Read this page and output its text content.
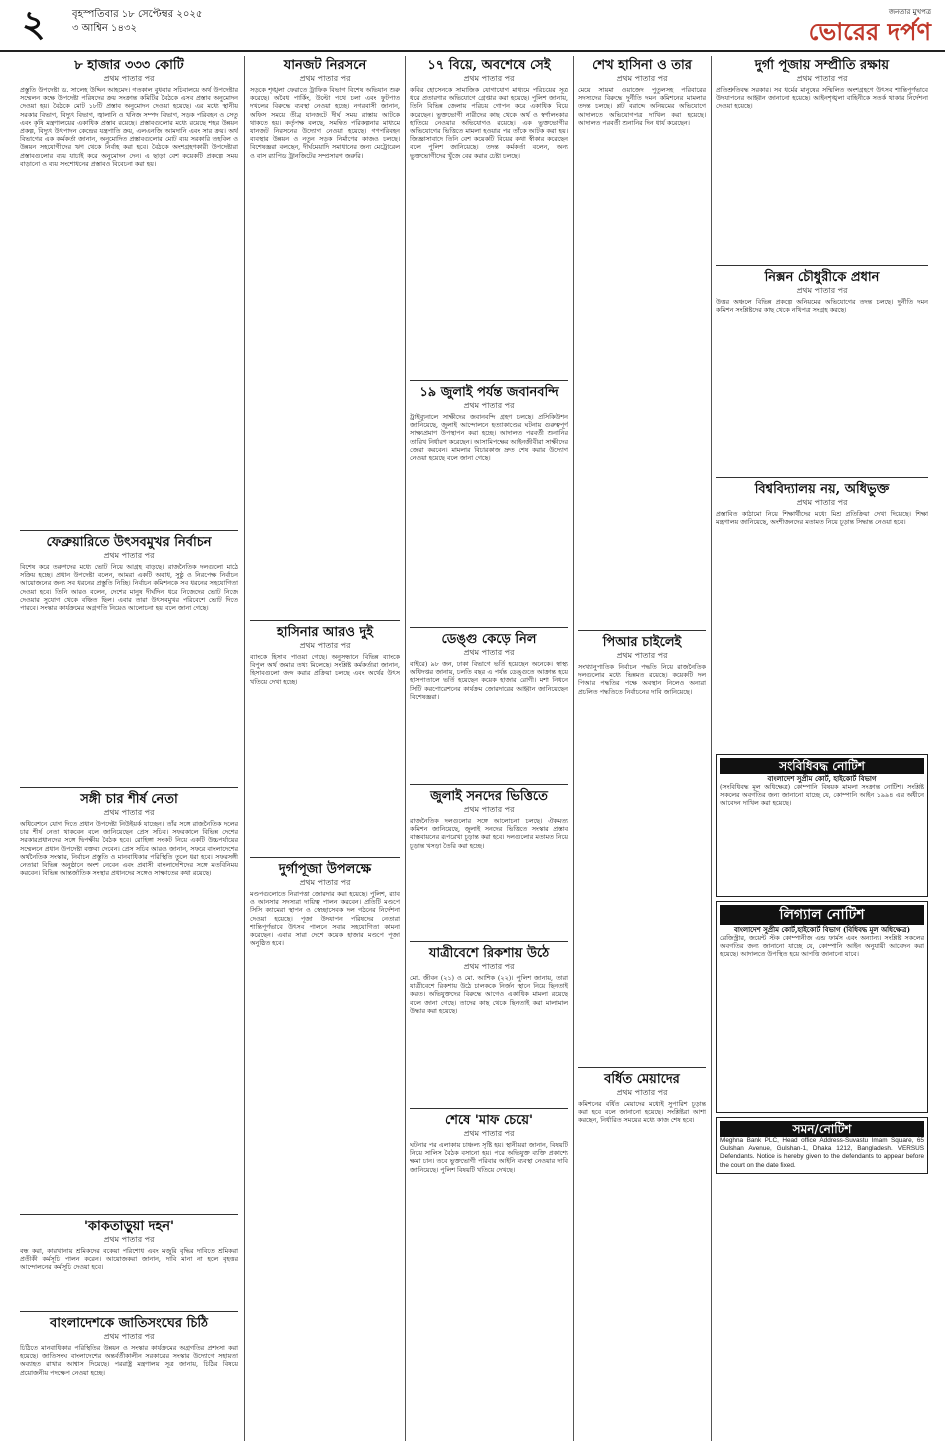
২	বৃহস্পতিবার ১৮ সেপ্টেম্বর ২০২৫
৩ আশ্বিন ১৪৩২
জনতার মুখপত্র
ভোরের দর্পণ
৮ হাজার ৩৩৩ কোটি
প্রথম পাতার পর

প্রস্তুতি উপদেষ্টা ড. সালেহ উদ্দিন আহমেদ। গতকাল বুধবার সচিবালয়ে অর্থ উপদেষ্টার সম্মেলন কক্ষে উপদেষ্টা পরিষদের ক্রয় সংক্রান্ত কমিটির বৈঠকে এসব প্রস্তাব অনুমোদন দেওয়া হয়। বৈঠকে মোট ১৮টি প্রস্তাব অনুমোদন দেওয়া হয়েছে। এর মধ্যে স্থানীয় সরকার বিভাগ, বিদ্যুৎ বিভাগ, জ্বালানি ও খনিজ সম্পদ বিভাগ, সড়ক পরিবহন ও সেতু এবং কৃষি মন্ত্রণালয়ের একাধিক প্রস্তাব রয়েছে। প্রস্তাবগুলোর মধ্যে রয়েছে শহর উন্নয়ন প্রকল্প, বিদ্যুৎ উৎপাদন কেন্দ্রের যন্ত্রপাতি ক্রয়, এলএনজি আমদানি এবং সার ক্রয়। অর্থ বিভাগের এক কর্মকর্তা জানান, অনুমোদিত প্রস্তাবগুলোর মোট ব্যয় সরকারি তহবিল ও উন্নয়ন সহযোগীদের ঋণ থেকে নির্বাহ করা হবে। বৈঠকে অংশগ্রহণকারী উপদেষ্টারা প্রস্তাবগুলোর ব্যয় যাচাই করে অনুমোদন দেন। এ ছাড়া বেশ কয়েকটি প্রকল্পে সময় বাড়ানো ও ব্যয় সংশোধনের প্রস্তাবও বিবেচনা করা হয়।

ফেব্রুয়ারিতে উৎসবমুখর নির্বাচন
প্রথম পাতার পর

বিশেষ করে তরুণদের মধ্যে ভোট নিয়ে আগ্রহ বাড়ছে। রাজনৈতিক দলগুলো মাঠে সক্রিয় হচ্ছে। প্রধান উপদেষ্টা বলেন, আমরা একটি অবাধ, সুষ্ঠু ও নিরপেক্ষ নির্বাচন আয়োজনের জন্য সব ধরনের প্রস্তুতি নিচ্ছি। নির্বাচন কমিশনকে সব ধরনের সহযোগিতা দেওয়া হবে। তিনি আরও বলেন, দেশের মানুষ দীর্ঘদিন ধরে নিজেদের ভোট নিজে দেওয়ার সুযোগ থেকে বঞ্চিত ছিল। এবার তারা উৎসবমুখর পরিবেশে ভোট দিতে পারবে। সংস্কার কার্যক্রমের অগ্রগতি নিয়েও আলোচনা হয় বলে জানা গেছে।

সঙ্গী চার শীর্ষ নেতা
প্রথম পাতার পর

অধিবেশনে যোগ দিতে প্রধান উপদেষ্টা নিউইয়র্ক যাচ্ছেন। তাঁর সঙ্গে রাজনৈতিক দলের চার শীর্ষ নেতা থাকবেন বলে জানিয়েছেন প্রেস সচিব। সফরকালে বিভিন্ন দেশের সরকারপ্রধানদের সঙ্গে দ্বিপক্ষীয় বৈঠক হবে। রোহিঙ্গা সংকট নিয়ে একটি উচ্চপর্যায়ের সম্মেলনে প্রধান উপদেষ্টা বক্তব্য দেবেন। প্রেস সচিব আরও জানান, সফরে বাংলাদেশের অর্থনৈতিক সংস্কার, নির্বাচন প্রস্তুতি ও মানবাধিকার পরিস্থিতি তুলে ধরা হবে। সফরসঙ্গী নেতারা বিভিন্ন অনুষ্ঠানে অংশ নেবেন এবং প্রবাসী বাংলাদেশিদের সঙ্গে মতবিনিময় করবেন। বিভিন্ন আন্তর্জাতিক সংস্থার প্রধানদের সঙ্গেও সাক্ষাতের কথা রয়েছে।

'কাকতাড়ুয়া দহন'
প্রথম পাতার পর

বন্ধ করা, কারখানায় শ্রমিকদের বকেয়া পরিশোধ এবং মজুরি বৃদ্ধির দাবিতে শ্রমিকরা প্রতীকী কর্মসূচি পালন করেন। আয়োজকরা জানান, দাবি মানা না হলে বৃহত্তর আন্দোলনের কর্মসূচি দেওয়া হবে।

বাংলাদেশকে জাতিসংঘের চিঠি
প্রথম পাতার পর

চিঠিতে মানবাধিকার পরিস্থিতির উন্নয়ন ও সংস্কার কার্যক্রমের অগ্রগতির প্রশংসা করা হয়েছে। জাতিসংঘ বাংলাদেশের অন্তর্বর্তীকালীন সরকারের সংস্কার উদ্যোগে সহায়তা অব্যাহত রাখার আশ্বাস দিয়েছে। পররাষ্ট্র মন্ত্রণালয় সূত্র জানায়, চিঠির বিষয়ে প্রয়োজনীয় পদক্ষেপ নেওয়া হচ্ছে।

যানজট নিরসনে
প্রথম পাতার পর

সড়কে শৃঙ্খলা ফেরাতে ট্রাফিক বিভাগ বিশেষ অভিযান শুরু করেছে। অবৈধ পার্কিং, উল্টো পথে চলা এবং ফুটপাত দখলের বিরুদ্ধে ব্যবস্থা নেওয়া হচ্ছে। নগরবাসী জানান, অফিস সময়ে তীব্র যানজটে দীর্ঘ সময় রাস্তায় আটকে থাকতে হয়। কর্তৃপক্ষ বলছে, সমন্বিত পরিকল্পনার মাধ্যমে যানজট নিরসনের উদ্যোগ নেওয়া হয়েছে। গণপরিবহন ব্যবস্থার উন্নয়ন ও নতুন সড়ক নির্মাণের কাজও চলছে। বিশেষজ্ঞরা বলছেন, দীর্ঘমেয়াদি সমাধানের জন্য মেট্রোরেল ও বাস র‍্যাপিড ট্রানজিটের সম্প্রসারণ জরুরি।

হাসিনার আরও দুই
প্রথম পাতার পর

ব্যাংকে হিসাব পাওয়া গেছে। অনুসন্ধানে বিভিন্ন ব্যাংকে বিপুল অর্থ জমার তথ্য মিলেছে। সংশ্লিষ্ট কর্মকর্তারা জানান, হিসাবগুলো জব্দ করার প্রক্রিয়া চলছে এবং অর্থের উৎস খতিয়ে দেখা হচ্ছে।

দুর্গাপূজা উপলক্ষে
প্রথম পাতার পর

মণ্ডপগুলোতে নিরাপত্তা জোরদার করা হয়েছে। পুলিশ, র‍্যাব ও আনসার সদস্যরা দায়িত্ব পালন করবেন। প্রতিটি মণ্ডপে সিসি ক্যামেরা স্থাপন ও স্বেচ্ছাসেবক দল গঠনের নির্দেশনা দেওয়া হয়েছে। পূজা উদযাপন পরিষদের নেতারা শান্তিপূর্ণভাবে উৎসব পালনে সবার সহযোগিতা কামনা করেছেন। এবার সারা দেশে কয়েক হাজার মণ্ডপে পূজা অনুষ্ঠিত হবে।

১৭ বিয়ে, অবশেষে সেই
প্রথম পাতার পর

কবির হোসেনকে সামাজিক যোগাযোগ মাধ্যমে পরিচয়ের সূত্র ধরে প্রতারণার অভিযোগে গ্রেপ্তার করা হয়েছে। পুলিশ জানায়, তিনি বিভিন্ন জেলায় পরিচয় গোপন করে একাধিক বিয়ে করেছেন। ভুক্তভোগী নারীদের কাছ থেকে অর্থ ও স্বর্ণালংকার হাতিয়ে নেওয়ার অভিযোগও রয়েছে। এক ভুক্তভোগীর অভিযোগের ভিত্তিতে মামলা হওয়ার পর তাঁকে আটক করা হয়। জিজ্ঞাসাবাদে তিনি বেশ কয়েকটি বিয়ের কথা স্বীকার করেছেন বলে পুলিশ জানিয়েছে। তদন্ত কর্মকর্তা বলেন, অন্য ভুক্তভোগীদের খুঁজে বের করার চেষ্টা চলছে।

১৯ জুলাই পর্যন্ত জবানবন্দি
প্রথম পাতার পর

ট্রাইব্যুনালে সাক্ষীদের জবানবন্দি গ্রহণ চলছে। প্রসিকিউশন জানিয়েছে, জুলাই আন্দোলনে হত্যাকাণ্ডের ঘটনায় গুরুত্বপূর্ণ সাক্ষ্যপ্রমাণ উপস্থাপন করা হচ্ছে। আদালত পরবর্তী শুনানির তারিখ নির্ধারণ করেছেন। আসামিপক্ষের আইনজীবীরা সাক্ষীদের জেরা করবেন। মামলার বিচারকাজ দ্রুত শেষ করার উদ্যোগ নেওয়া হয়েছে বলে জানা গেছে।

ডেঙ্গু কেড়ে নিল
প্রথম পাতার পর

বাইরে) ৯৮ জন, ঢাকা বিভাগে ভর্তি হয়েছেন অনেকে। স্বাস্থ্য অধিদপ্তর জানায়, চলতি বছর এ পর্যন্ত ডেঙ্গুতে আক্রান্ত হয়ে হাসপাতালে ভর্তি হয়েছেন কয়েক হাজার রোগী। মশা নিধনে সিটি করপোরেশনের কার্যক্রম জোরদারের আহ্বান জানিয়েছেন বিশেষজ্ঞরা।

জুলাই সনদের ভিত্তিতে
প্রথম পাতার পর

রাজনৈতিক দলগুলোর সঙ্গে আলোচনা চলছে। ঐকমত্য কমিশন জানিয়েছে, জুলাই সনদের ভিত্তিতে সংস্কার প্রস্তাব বাস্তবায়নের রূপরেখা চূড়ান্ত করা হবে। দলগুলোর মতামত নিয়ে চূড়ান্ত খসড়া তৈরি করা হচ্ছে।

যাত্রীবেশে রিকশায় উঠে
প্রথম পাতার পর

মো. জীবন (২১) ও মো. আশিক (২২)। পুলিশ জানায়, তারা যাত্রীবেশে রিকশায় উঠে চালককে নির্জন স্থানে নিয়ে ছিনতাই করত। অভিযুক্তদের বিরুদ্ধে আগেও একাধিক মামলা রয়েছে বলে জানা গেছে। তাদের কাছ থেকে ছিনতাই করা মালামাল উদ্ধার করা হয়েছে।

শেষে 'মাফ চেয়ে'
প্রথম পাতার পর

ঘটনার পর এলাকায় চাঞ্চল্য সৃষ্টি হয়। স্থানীয়রা জানান, বিষয়টি নিয়ে সালিস বৈঠক বসানো হয়। পরে অভিযুক্ত ব্যক্তি প্রকাশ্যে ক্ষমা চান। তবে ভুক্তভোগী পরিবার আইনি ব্যবস্থা নেওয়ার দাবি জানিয়েছে। পুলিশ বিষয়টি খতিয়ে দেখছে।

শেখ হাসিনা ও তার
প্রথম পাতার পর

মেয়ে সায়মা ওয়াজেদ পুতুলসহ পরিবারের সদস্যদের বিরুদ্ধে দুর্নীতি দমন কমিশনের মামলার তদন্ত চলছে। প্লট বরাদ্দে অনিয়মের অভিযোগে আদালতে অভিযোগপত্র দাখিল করা হয়েছে। আদালত পরবর্তী শুনানির দিন ধার্য করেছেন।

পিআর চাইলেই
প্রথম পাতার পর

সংখ্যানুপাতিক নির্বাচন পদ্ধতি নিয়ে রাজনৈতিক দলগুলোর মধ্যে ভিন্নমত রয়েছে। কয়েকটি দল পিআর পদ্ধতির পক্ষে অবস্থান নিলেও অন্যরা প্রচলিত পদ্ধতিতে নির্বাচনের দাবি জানিয়েছে।

বর্ধিত মেয়াদের
প্রথম পাতার পর

কমিশনের বর্ধিত মেয়াদের মধ্যেই সুপারিশ চূড়ান্ত করা হবে বলে জানানো হয়েছে। সংশ্লিষ্টরা আশা করছেন, নির্ধারিত সময়ের মধ্যে কাজ শেষ হবে।

দুর্গা পূজায় সম্প্রীতি রক্ষায়
প্রথম পাতার পর

প্রতিশ্রুতিবদ্ধ সরকার। সব ধর্মের মানুষের সম্মিলিত অংশগ্রহণে উৎসব শান্তিপূর্ণভাবে উদযাপনের আহ্বান জানানো হয়েছে। আইনশৃঙ্খলা বাহিনীকে সতর্ক থাকার নির্দেশনা দেওয়া হয়েছে।

নিক্সন চৌধুরীকে প্রধান
প্রথম পাতার পর

উত্তর অঞ্চলে বিভিন্ন প্রকল্পে অনিয়মের অভিযোগের তদন্ত চলছে। দুর্নীতি দমন কমিশন সংশ্লিষ্টদের কাছ থেকে নথিপত্র সংগ্রহ করছে।

বিশ্ববিদ্যালয় নয়, অধিভুক্ত
প্রথম পাতার পর

প্রস্তাবিত কাঠামো নিয়ে শিক্ষার্থীদের মধ্যে মিশ্র প্রতিক্রিয়া দেখা দিয়েছে। শিক্ষা মন্ত্রণালয় জানিয়েছে, অংশীজনদের মতামত নিয়ে চূড়ান্ত সিদ্ধান্ত নেওয়া হবে।

সংবিধিবদ্ধ নোটিশ
বাংলাদেশ সুপ্রীম কোর্ট, হাইকোর্ট বিভাগ

(সংবিধিবদ্ধ মূল অধিক্ষেত্র) কোম্পানি বিষয়ক মামলা সংক্রান্ত নোটিশ। সংশ্লিষ্ট সকলের অবগতির জন্য জানানো যাচ্ছে যে, কোম্পানি আইন ১৯৯৪ এর অধীনে আবেদন দাখিল করা হয়েছে।

লিগ্যাল নোটিশ
বাংলাদেশ সুপ্রীম কোর্ট,হাইকোর্ট বিভাগ (বিধিবদ্ধ মূল অধিক্ষেত্র)

রেজিস্ট্রার, জয়েন্ট স্টক কোম্পানীজ এন্ড ফার্মস এবং অন্যান্য। সংশ্লিষ্ট সকলের অবগতির জন্য জানানো যাচ্ছে যে, কোম্পানি আইন অনুযায়ী আবেদন করা হয়েছে। আদালতে উপস্থিত হয়ে আপত্তি জানানো যাবে।

সমন/নোটিশ

Meghna Bank PLC, Head office Address-Suvastu Imam Square, 65 Gulshan Avenue, Gulshan-1, Dhaka 1212, Bangladesh. VERSUS Defendants. Notice is hereby given to the defendants to appear before the court on the date fixed.
